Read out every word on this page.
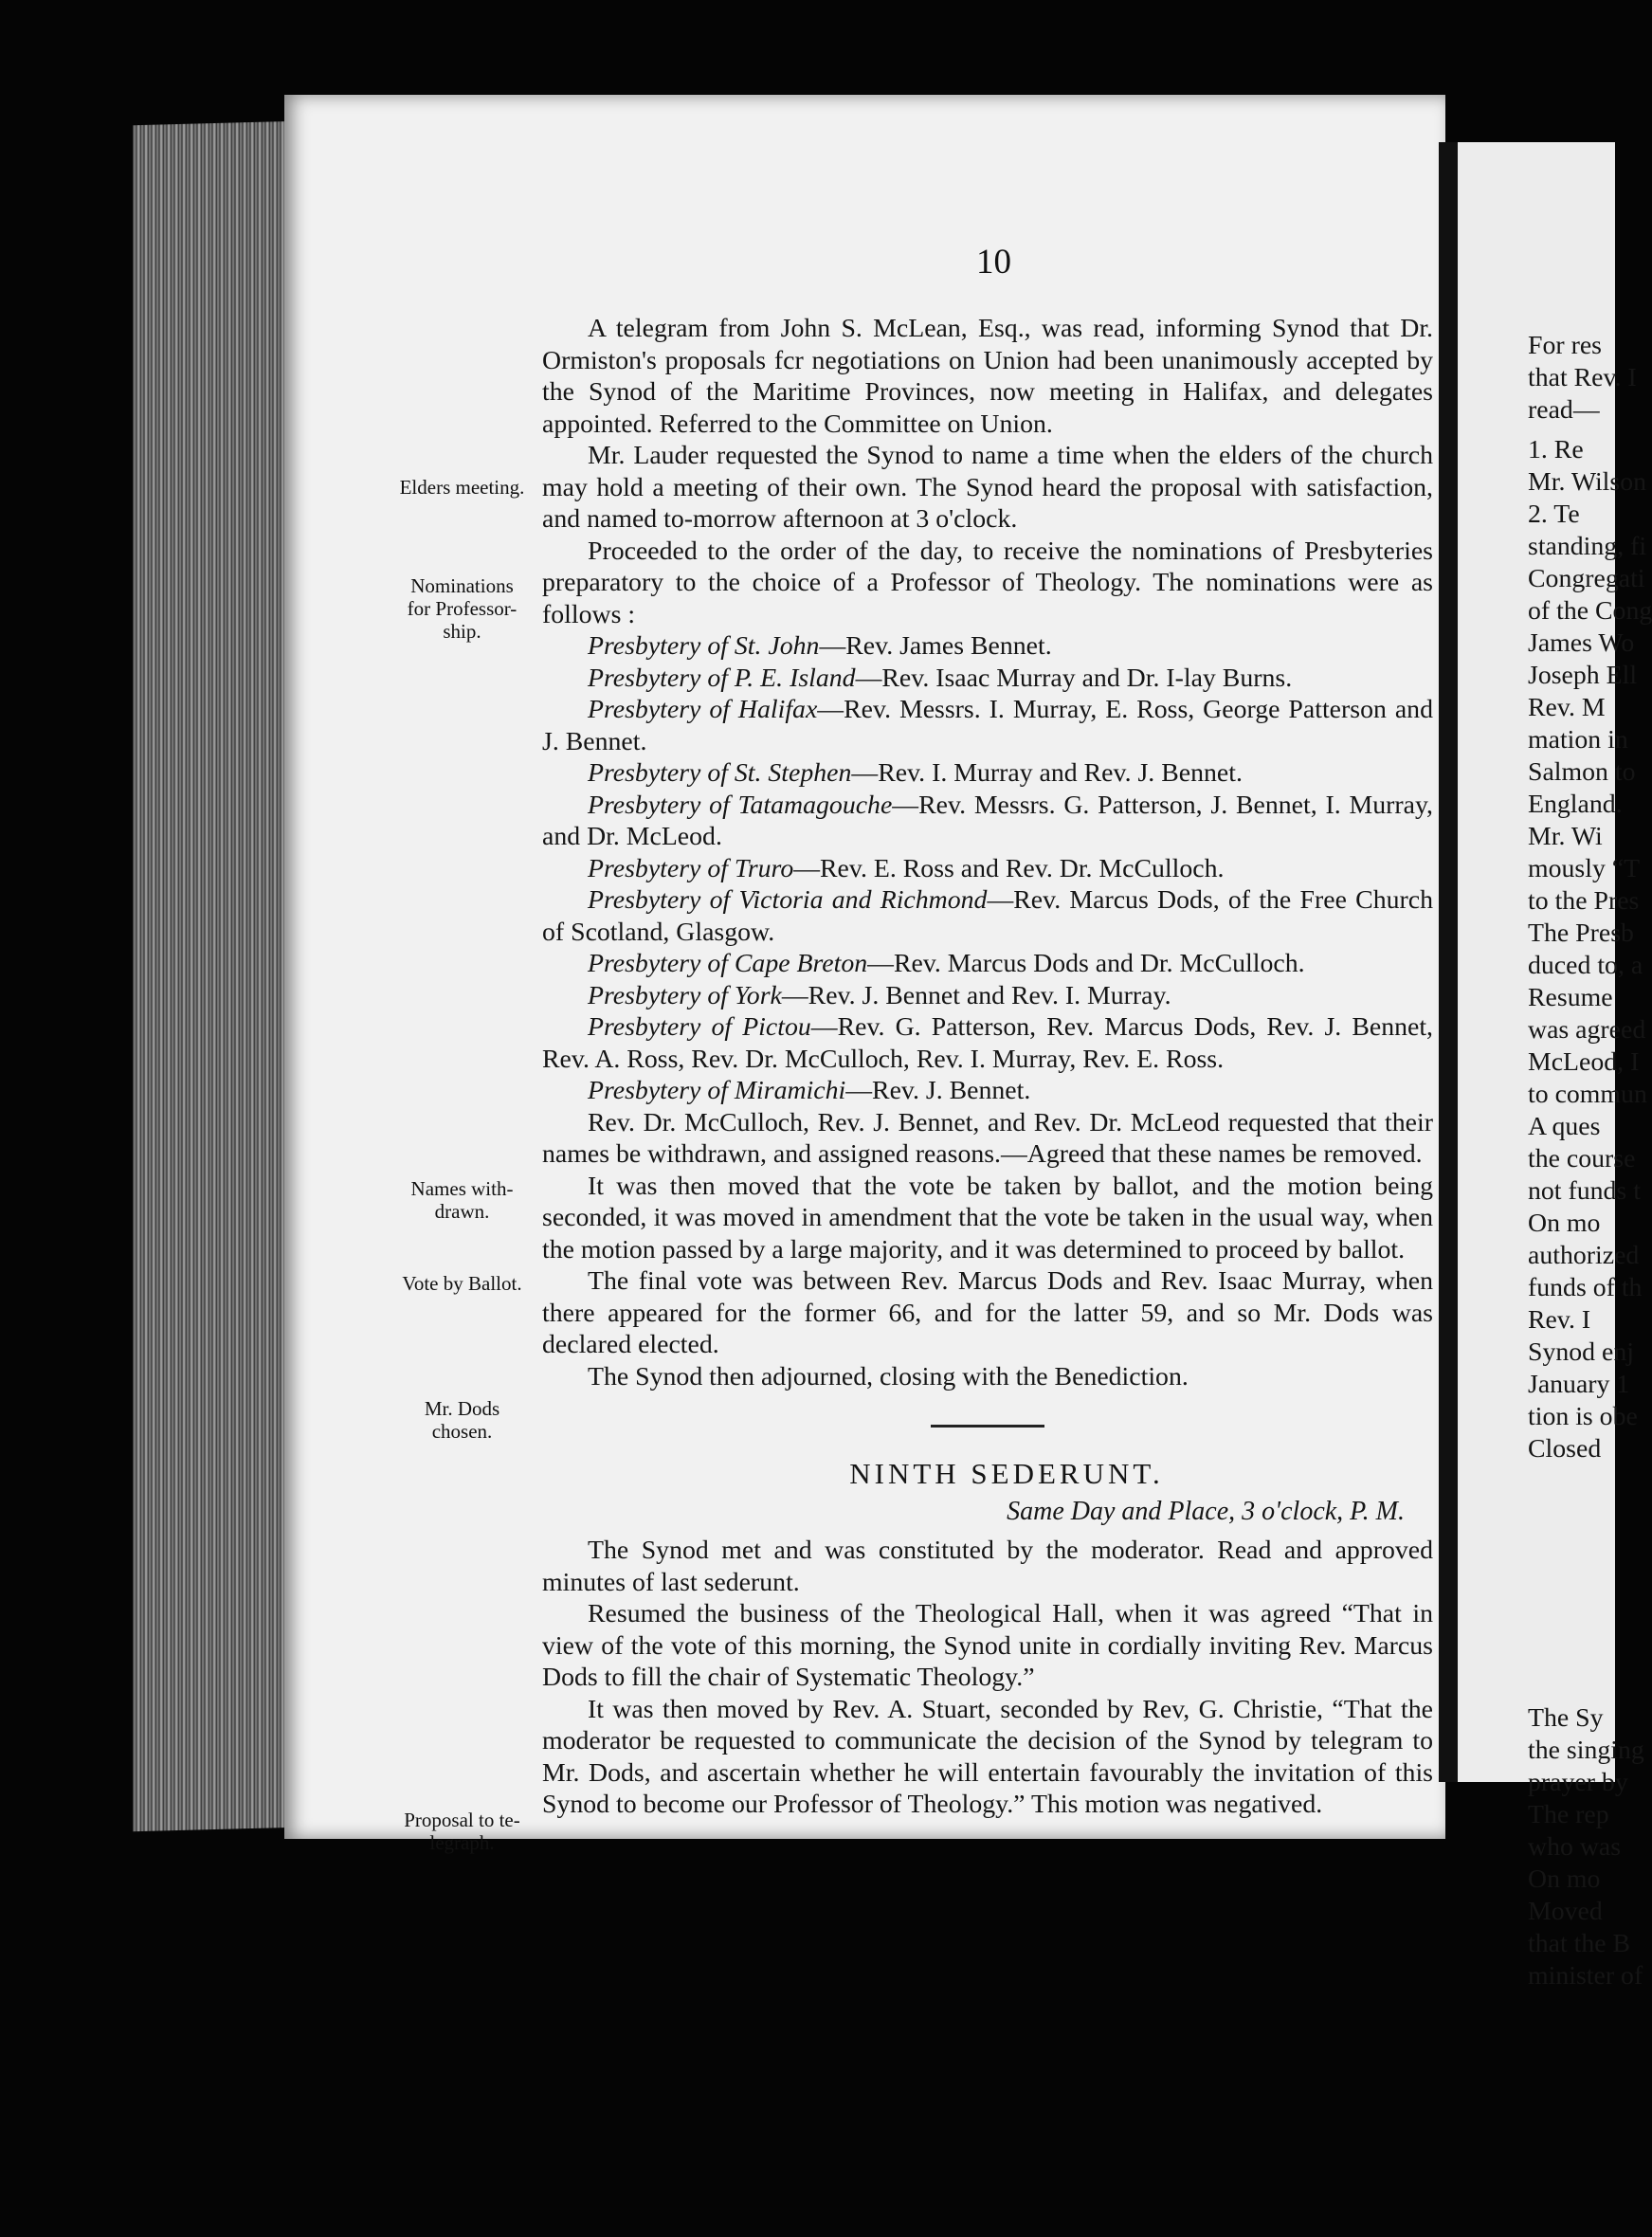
10
Elders meeting.
Nominations
for Professor-
ship.
Names with-
drawn.
Vote by Ballot.
Mr. Dods
chosen.
Proposal to te-
legraph.

A telegram from John S. McLean, Esq., was read, informing Synod that Dr. Ormiston's proposals fcr negotiations on Union had been unanimously accepted by the Synod of the Maritime Provinces, now meeting in Halifax, and delegates appointed. Referred to the Committee on Union.

Mr. Lauder requested the Synod to name a time when the elders of the church may hold a meeting of their own. The Synod heard the proposal with satisfaction, and named to-morrow afternoon at 3 o'clock.

Proceeded to the order of the day, to receive the nominations of Presbyteries preparatory to the choice of a Professor of Theology. The nominations were as follows :

Presbytery of St. John—Rev. James Bennet.

Presbytery of P. E. Island—Rev. Isaac Murray and Dr. I-lay Burns.

Presbytery of Halifax—Rev. Messrs. I. Murray, E. Ross, George Patterson and J. Bennet.

Presbytery of St. Stephen—Rev. I. Murray and Rev. J. Bennet.

Presbytery of Tatamagouche—Rev. Messrs. G. Patterson, J. Bennet, I. Murray, and Dr. McLeod.

Presbytery of Truro—Rev. E. Ross and Rev. Dr. McCulloch.

Presbytery of Victoria and Richmond—Rev. Marcus Dods, of the Free Church of Scotland, Glasgow.

Presbytery of Cape Breton—Rev. Marcus Dods and Dr. McCulloch.

Presbytery of York—Rev. J. Bennet and Rev. I. Murray.

Presbytery of Pictou—Rev. G. Patterson, Rev. Marcus Dods, Rev. J. Bennet, Rev. A. Ross, Rev. Dr. McCulloch, Rev. I. Murray, Rev. E. Ross.

Presbytery of Miramichi—Rev. J. Bennet.

Rev. Dr. McCulloch, Rev. J. Bennet, and Rev. Dr. McLeod requested that their names be withdrawn, and assigned reasons.—Agreed that these names be removed.

It was then moved that the vote be taken by ballot, and the motion being seconded, it was moved in amendment that the vote be taken in the usual way, when the motion passed by a large majority, and it was determined to proceed by ballot.

The final vote was between Rev. Marcus Dods and Rev. Isaac Murray, when there appeared for the former 66, and for the latter 59, and so Mr. Dods was declared elected.

The Synod then adjourned, closing with the Benediction.

NINTH SEDERUNT.
Same Day and Place, 3 o'clock, P. M.

The Synod met and was constituted by the moderator. Read and approved minutes of last sederunt.

Resumed the business of the Theological Hall, when it was agreed “That in view of the vote of this morning, the Synod unite in cordially inviting Rev. Marcus Dods to fill the chair of Systematic Theology.”

It was then moved by Rev. A. Stuart, seconded by Rev, G. Christie, “That the moderator be requested to communicate the decision of the Synod by telegram to Mr. Dods, and ascertain whether he will entertain favourably the invitation of this Synod to become our Professor of Theology.” This motion was negatived.

For res
that Rev. I
read—
1. Re
Mr. Wilson
2. Te
standing, fi
Congregati
of the Cong
James Wo
Joseph Ell
Rev. M
mation in
Salmon to
England.
Mr. Wi
mously “T
to the Pres
The Presb
duced to, a
Resume
was agreed
McLeod, I
to commun
A ques
the course
not funds t
On mo
authorized
funds of th
Rev. I
Synod enj
January 1
tion is obe
Closed
The Sy
the singing
prayer by
The rep
who was
On mo
Moved
that the B
minister of
